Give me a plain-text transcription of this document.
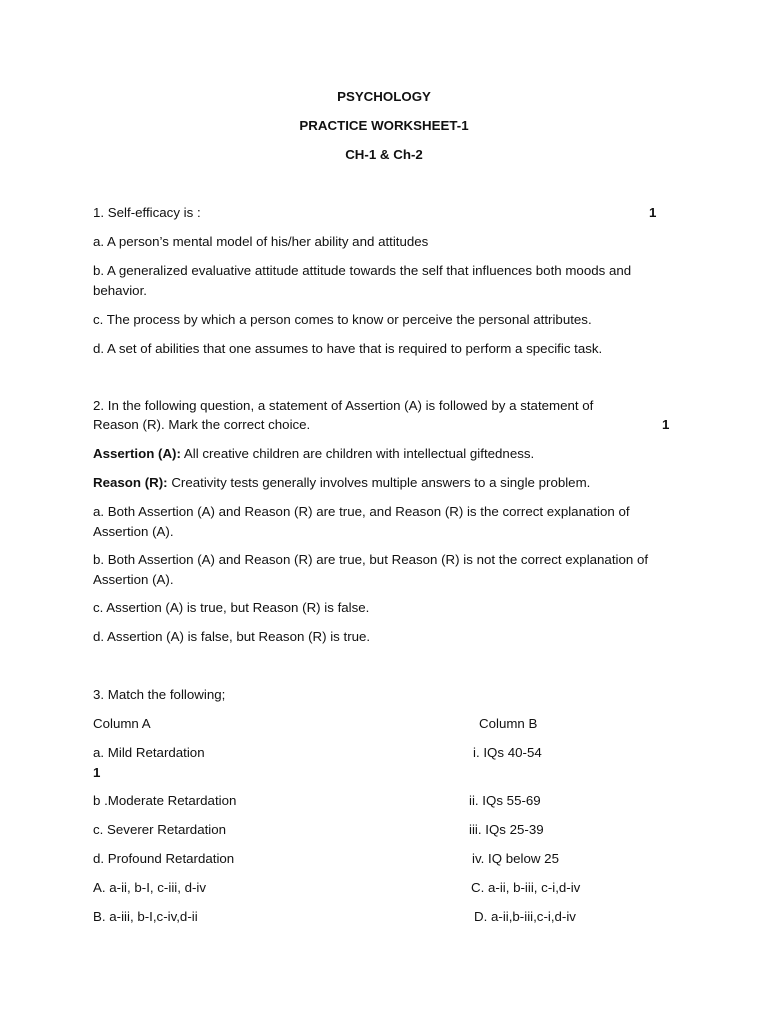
PSYCHOLOGY
PRACTICE WORKSHEET-1
CH-1 & Ch-2
1. Self-efficacy is :	1
a. A person’s mental model of his/her ability and attitudes
b. A generalized evaluative attitude attitude towards the self that influences both moods and behavior.
c. The process by which a person comes to know or perceive the personal attributes.
d. A set of abilities that one assumes to have that is required to perform a specific task.
2. In the following question, a statement of Assertion (A) is followed by a statement of
Reason (R). Mark the correct choice.	1
Assertion (A): All creative children are children with intellectual giftedness.
Reason (R): Creativity tests generally involves multiple answers to a single problem.
a. Both Assertion (A) and Reason (R) are true, and Reason (R) is the correct explanation of Assertion (A).
b. Both Assertion (A) and Reason (R) are true, but Reason (R) is not the correct explanation of Assertion (A).
c. Assertion (A) is true, but Reason (R) is false.
d. Assertion (A) is false, but Reason (R) is true.
3. Match the following;
Column A	Column B
a. Mild Retardation	i. IQs 40-54
1
b .Moderate Retardation	ii. IQs 55-69
c. Severer Retardation	iii. IQs 25-39
d. Profound Retardation	iv. IQ below 25
A. a-ii, b-I, c-iii, d-iv	C. a-ii, b-iii, c-i,d-iv
B. a-iii, b-I,c-iv,d-ii	D. a-ii,b-iii,c-i,d-iv
